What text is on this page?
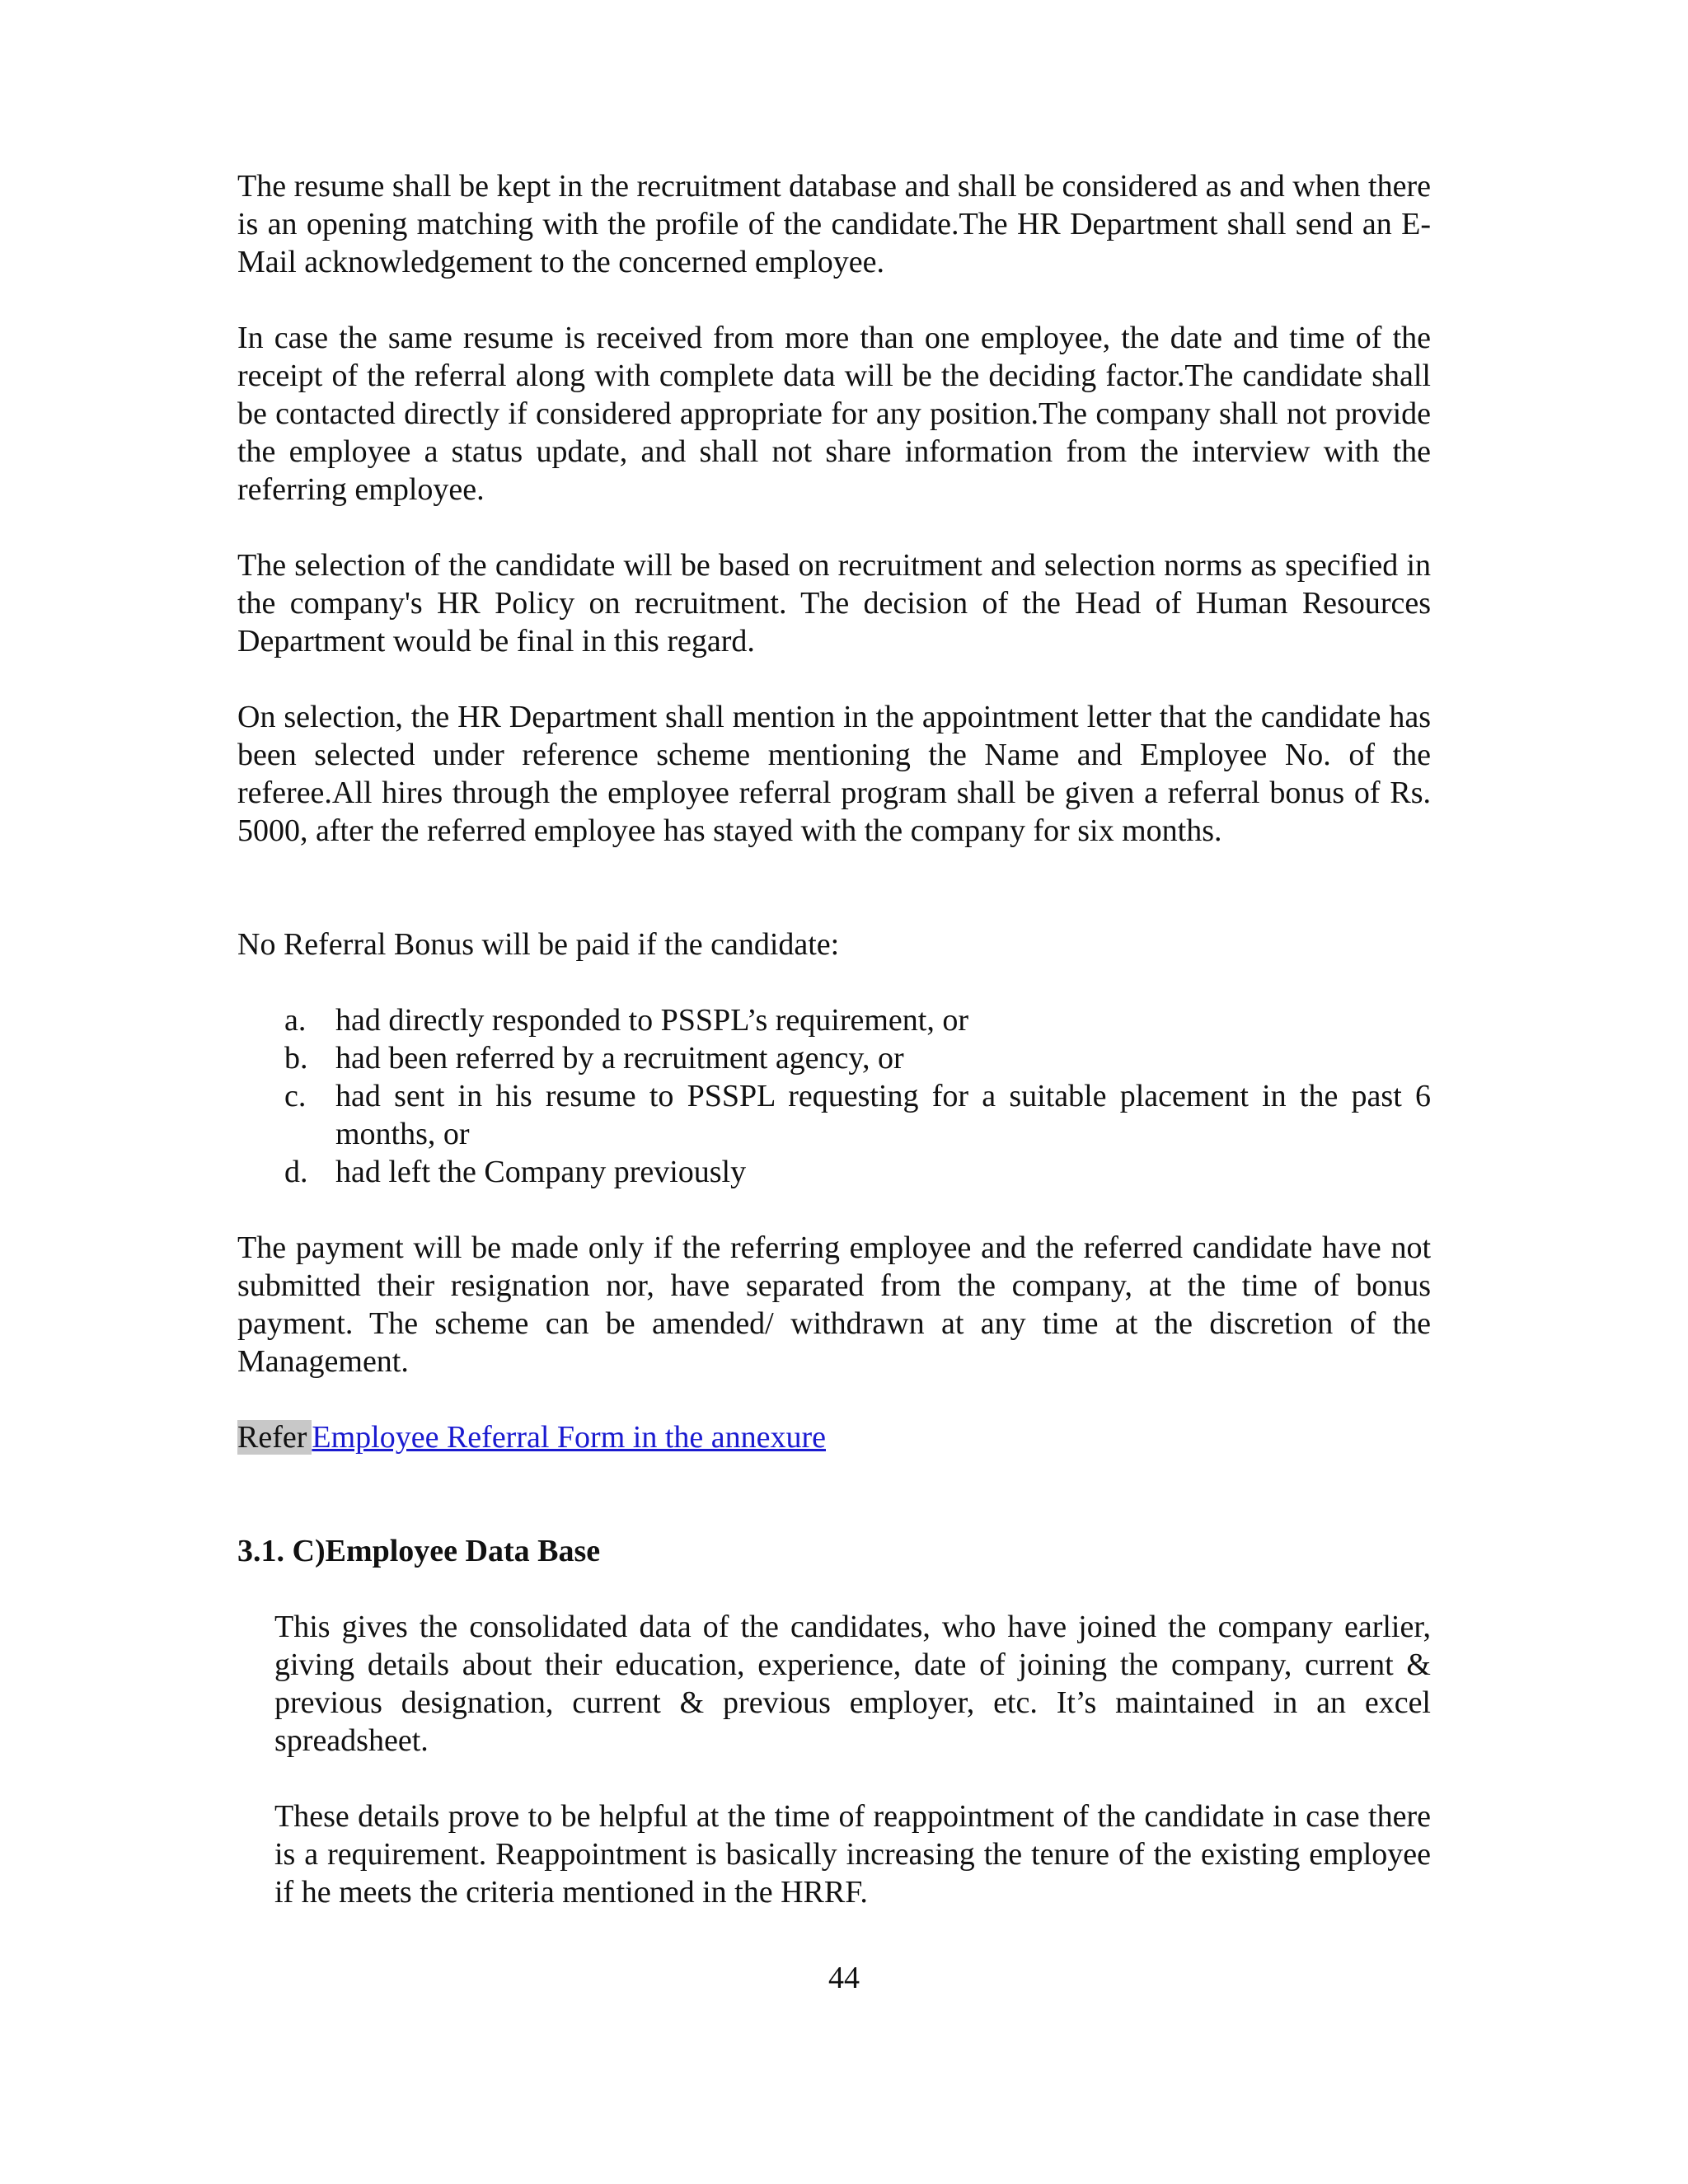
The resume shall be kept in the recruitment database and shall be considered as and when there is an opening matching with the profile of the candidate.The HR Department shall send an E-Mail acknowledgement to the concerned employee.

In case the same resume is received from more than one employee, the date and time of the receipt of the referral along with complete data will be the deciding factor.The candidate shall be contacted directly if considered appropriate for any position.The company shall not provide the employee a status update, and shall not share information from the interview with the referring employee.

The selection of the candidate will be based on recruitment and selection norms as specified in the company's HR Policy on recruitment. The decision of the Head of Human Resources Department would be final in this regard.

On selection, the HR Department shall mention in the appointment letter that the candidate has been selected under reference scheme mentioning the Name and Employee No. of the referee.All hires through the employee referral program shall be given a referral bonus of Rs. 5000, after the referred employee has stayed with the company for six months.

No Referral Bonus will be paid if the candidate:

a. had directly responded to PSSPL’s requirement, or
b. had been referred by a recruitment agency, or
c. had sent in his resume to PSSPL requesting for a suitable placement in the past 6 months, or
d. had left the Company previously

The payment will be made only if the referring employee and the referred candidate have not submitted their resignation nor, have separated from the company, at the time of bonus payment. The scheme can be amended/ withdrawn at any time at the discretion of the Management.

Refer Employee Referral Form in the annexure

3.1. C)Employee Data Base

This gives the consolidated data of the candidates, who have joined the company earlier, giving details about their education, experience, date of joining the company, current & previous designation, current & previous employer, etc. It’s maintained in an excel spreadsheet.

These details prove to be helpful at the time of reappointment of the candidate in case there is a requirement. Reappointment is basically increasing the tenure of the existing employee if he meets the criteria mentioned in the HRRF.

44
